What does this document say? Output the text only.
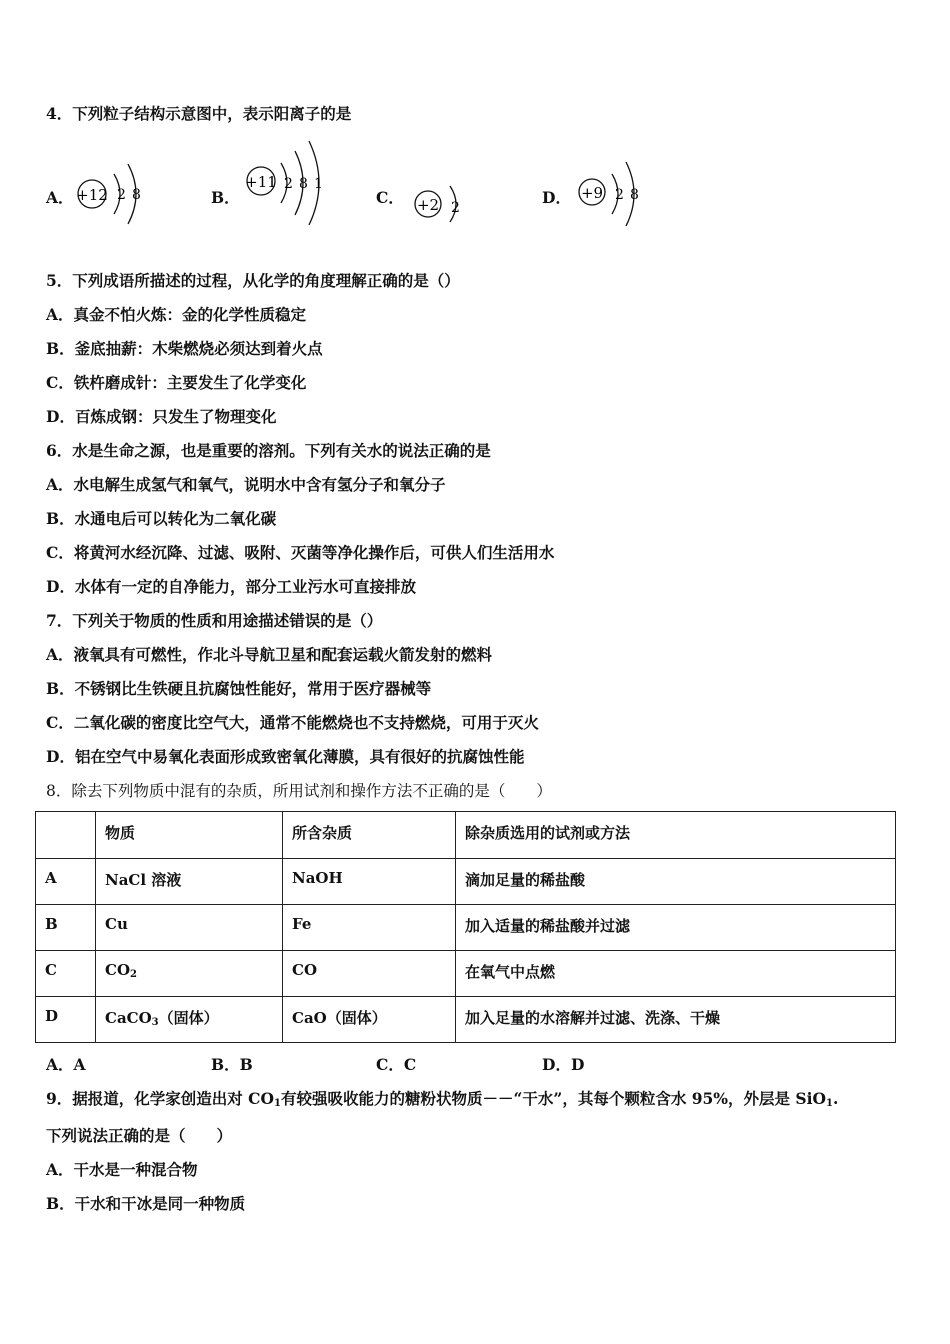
4．下列粒子结构示意图中，表示阳离子的是
A． +12 2 8	B．
+11 2 8 1
C． +2 2
D． +9 2 8
5．下列成语所描述的过程，从化学的角度理解正确的是（）
A．真金不怕火炼：金的化学性质稳定
B．釜底抽薪：木柴燃烧必须达到着火点
C．铁杵磨成针：主要发生了化学变化
D．百炼成钢：只发生了物理变化
6．水是生命之源，也是重要的溶剂。下列有关水的说法正确的是
A．水电解生成氢气和氧气，说明水中含有氢分子和氧分子
B．水通电后可以转化为二氧化碳
C．将黄河水经沉降、过滤、吸附、灭菌等净化操作后，可供人们生活用水
D．水体有一定的自净能力，部分工业污水可直接排放
7．下列关于物质的性质和用途描述错误的是（）
A．液氧具有可燃性，作北斗导航卫星和配套运载火箭发射的燃料
B．不锈钢比生铁硬且抗腐蚀性能好，常用于医疗器械等
C．二氧化碳的密度比空气大，通常不能燃烧也不支持燃烧，可用于灭火
D．铝在空气中易氧化表面形成致密氧化薄膜，具有很好的抗腐蚀性能
8．除去下列物质中混有的杂质，所用试剂和操作方法不正确的是（　　）
	物质	所含杂质	除杂质选用的试剂或方法
A	NaCl 溶液	NaOH	滴加足量的稀盐酸
B	Cu	Fe	加入适量的稀盐酸并过滤
C	$CO_2$	CO	在氧气中点燃
D	CaCO$_3$（固体）	CaO（固体）	加入足量的水溶解并过滤、洗涤、干燥
A．A	B．B	C．C	D．D
9．据报道，化学家创造出对 $CO_1$有较强吸收能力的糖粉状物质－－“干水”，其每个颗粒含水 95%，外层是 SiO$_1$.
下列说法正确的是（　　）
A．干水是一种混合物
B．干水和干冰是同一种物质
